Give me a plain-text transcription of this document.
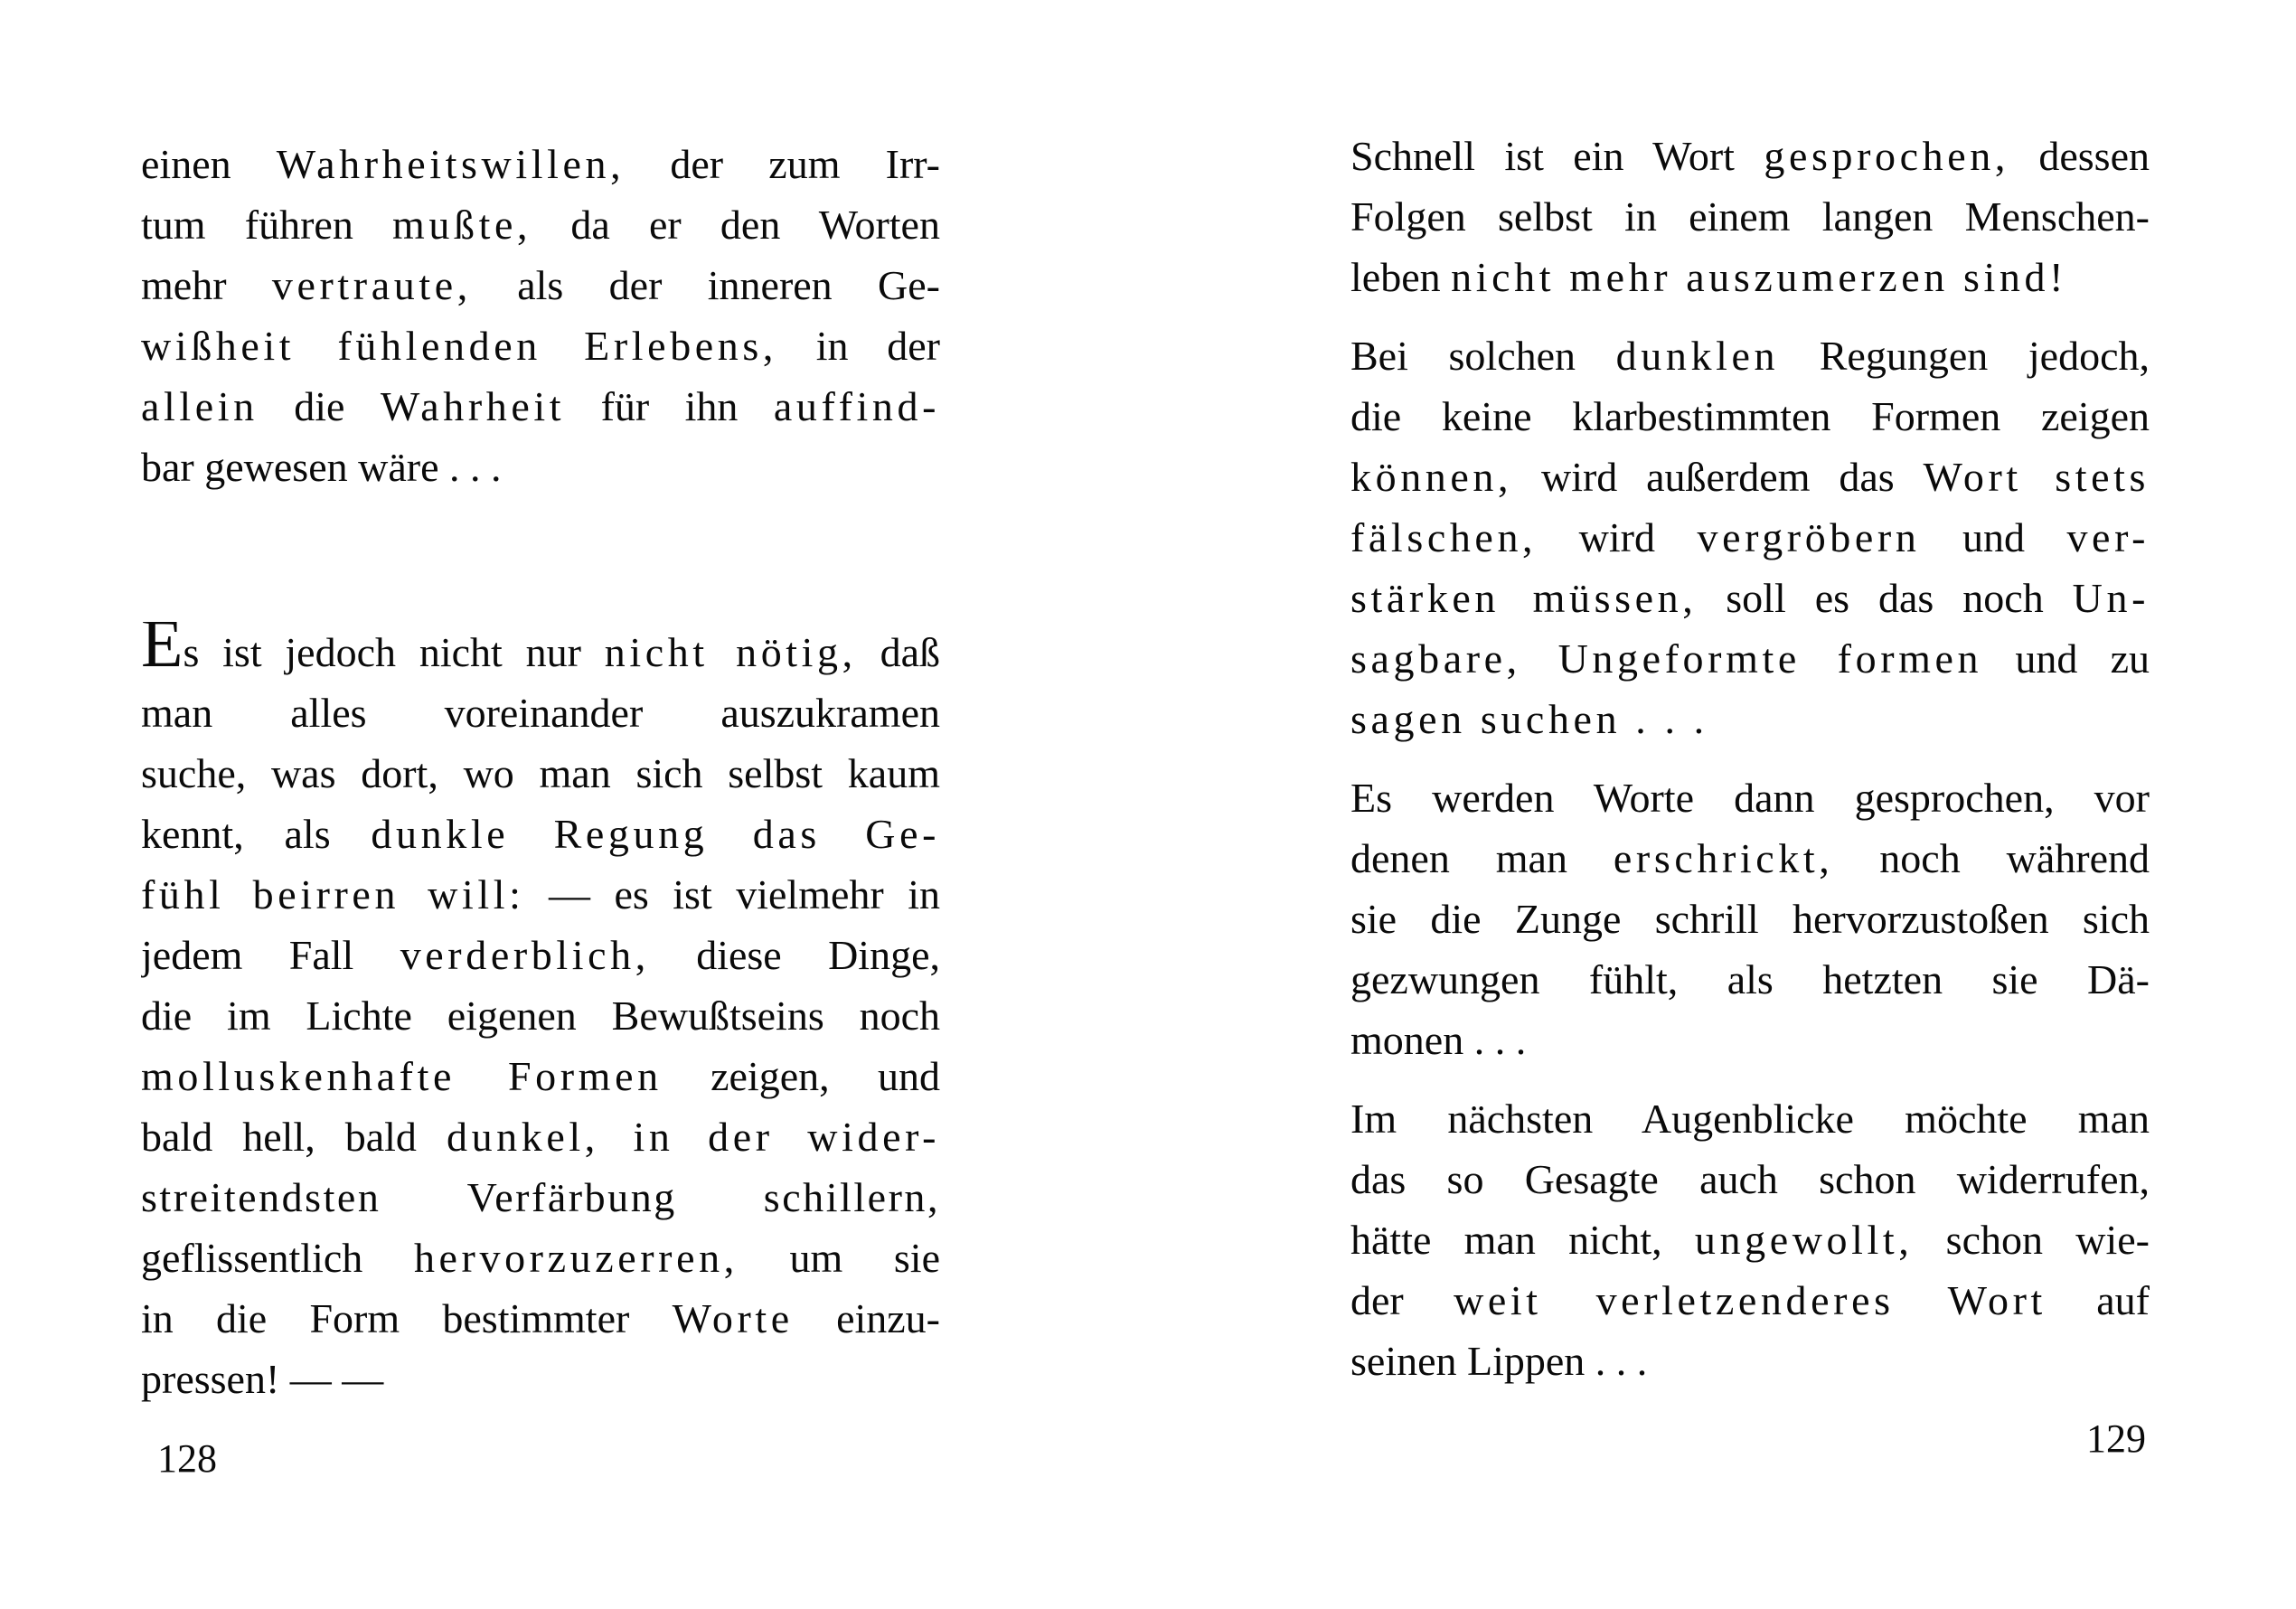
einen Wahrheitswillen, der zum Irr-
tum führen mußte, da er den Worten
mehr vertraute, als der inneren Ge-
wißheit fühlenden Erlebens, in der
allein die Wahrheit für ihn auffind-
bar gewesen wäre . . .
Es ist jedoch nicht nur nicht nötig, daß
man alles voreinander auszukramen
suche, was dort, wo man sich selbst kaum
kennt, als dunkle Regung das Ge-
fühl beirren will: — es ist vielmehr in
jedem Fall verderblich, diese Dinge,
die im Lichte eigenen Bewußtseins noch
molluskenhafte Formen zeigen, und
bald hell, bald dunkel, in der wider-
streitendsten Verfärbung schillern,
geflissentlich hervorzuzerren, um sie
in die Form bestimmter Worte einzu-
pressen! — —
128
Schnell ist ein Wort gesprochen, dessen
Folgen selbst in einem langen Menschen-
leben nicht mehr auszumerzen sind!
Bei solchen dunklen Regungen jedoch,
die keine klarbestimmten Formen zeigen
können, wird außerdem das Wort stets
fälschen, wird vergröbern und ver-
stärken müssen, soll es das noch Un-
sagbare, Ungeformte formen und zu
sagen suchen . . .
Es werden Worte dann gesprochen, vor
denen man erschrickt, noch während
sie die Zunge schrill hervorzustoßen sich
gezwungen fühlt, als hetzten sie Dä-
monen . . .
Im nächsten Augenblicke möchte man
das so Gesagte auch schon widerrufen,
hätte man nicht, ungewollt, schon wie-
der weit verletzenderes Wort auf
seinen Lippen . . .
129
